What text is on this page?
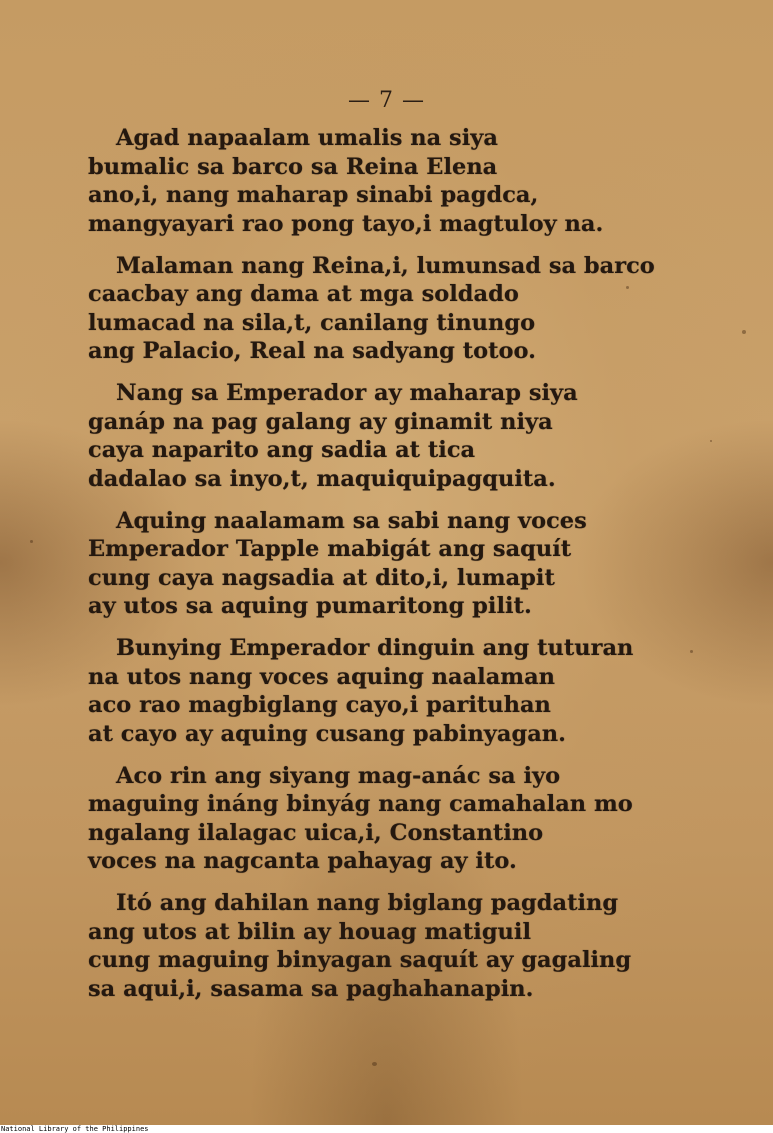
— 7 —
Agad napaalam umalis na siya
bumalic sa barco sa Reina Elena
ano,i, nang maharap sinabi pagdca,
mangyayari rao pong tayo,i magtuloy na.
Malaman nang Reina,i, lumunsad sa barco
caacbay ang dama at mga soldado
lumacad na sila,t, canilang tinungo
ang Palacio, Real na sadyang totoo.
Nang sa Emperador ay maharap siya
ganáp na pag galang ay ginamit niya
caya naparito ang sadia at tica
dadalao sa inyo,t, maquiquipagquita.
Aquing naalamam sa sabi nang voces
Emperador Tapple mabigát ang saquít
cung caya nagsadia at dito,i, lumapit
ay utos sa aquing pumaritong pilit.
Bunying Emperador dinguin ang tuturan
na utos nang voces aquing naalaman
aco rao magbiglang cayo,i parituhan
at cayo ay aquing cusang pabinyagan.
Aco rin ang siyang mag-anác sa iyo
maguing ináng binyág nang camahalan mo
ngalang ilalagac uica,i, Constantino
voces na nagcanta pahayag ay ito.
Itó ang dahilan nang biglang pagdating
ang utos at bilin ay houag matiguil
cung maguing binyagan saquít ay gagaling
sa aqui,i, sasama sa paghahanapin.
National Library of the Philippines
